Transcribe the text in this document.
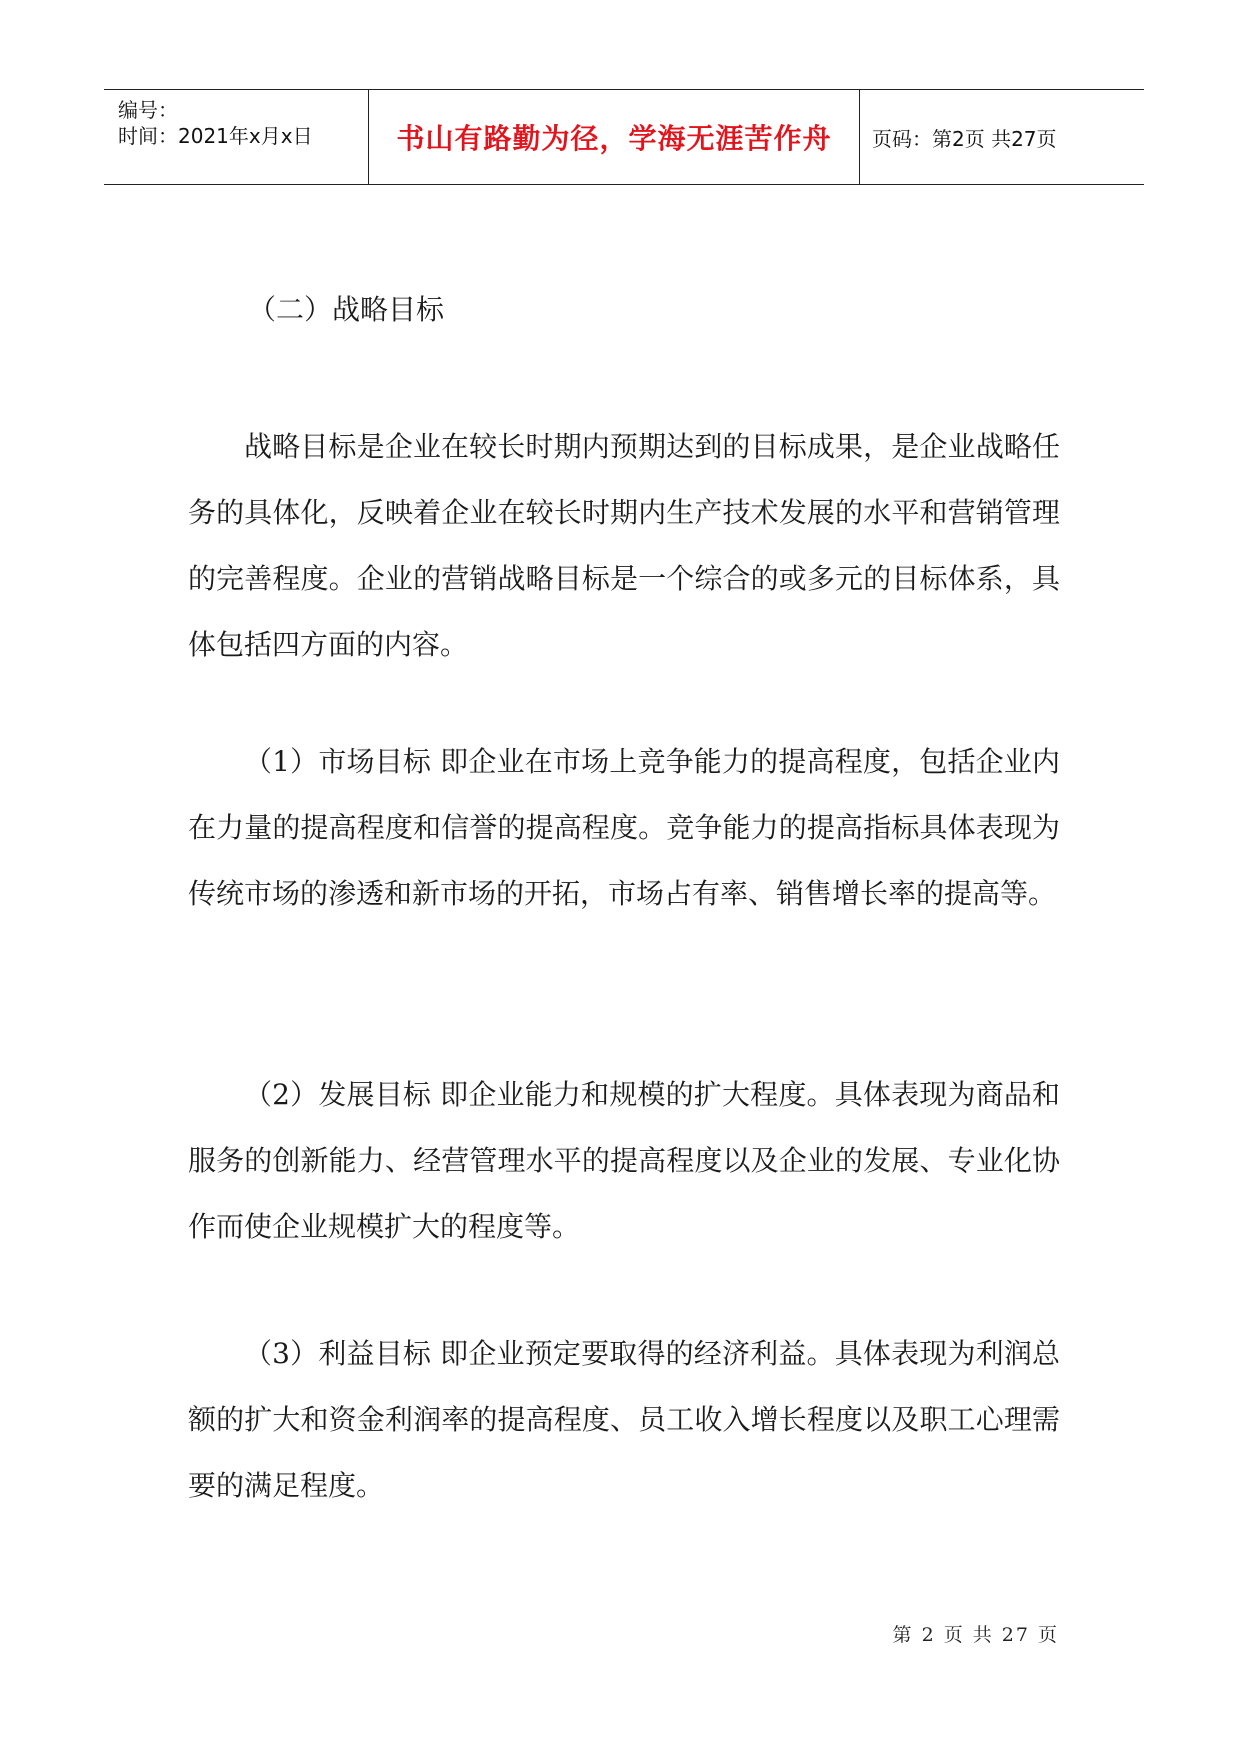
编号：
时间：2021年x月x日	书山有路勤为径，学海无涯苦作舟	页码：第2页 共27页
（二）战略目标

战略目标是企业在较长时期内预期达到的目标成果，是企业战略任务的具体化，反映着企业在较长时期内生产技术发展的水平和营销管理的完善程度。企业的营销战略目标是一个综合的或多元的目标体系，具体包括四方面的内容。

（1）市场目标 即企业在市场上竞争能力的提高程度，包括企业内在力量的提高程度和信誉的提高程度。竞争能力的提高指标具体表现为传统市场的渗透和新市场的开拓，市场占有率、销售增长率的提高等。

（2）发展目标 即企业能力和规模的扩大程度。具体表现为商品和服务的创新能力、经营管理水平的提高程度以及企业的发展、专业化协作而使企业规模扩大的程度等。

（3）利益目标 即企业预定要取得的经济利益。具体表现为利润总额的扩大和资金利润率的提高程度、员工收入增长程度以及职工心理需要的满足程度。

第 2 页 共 27 页
